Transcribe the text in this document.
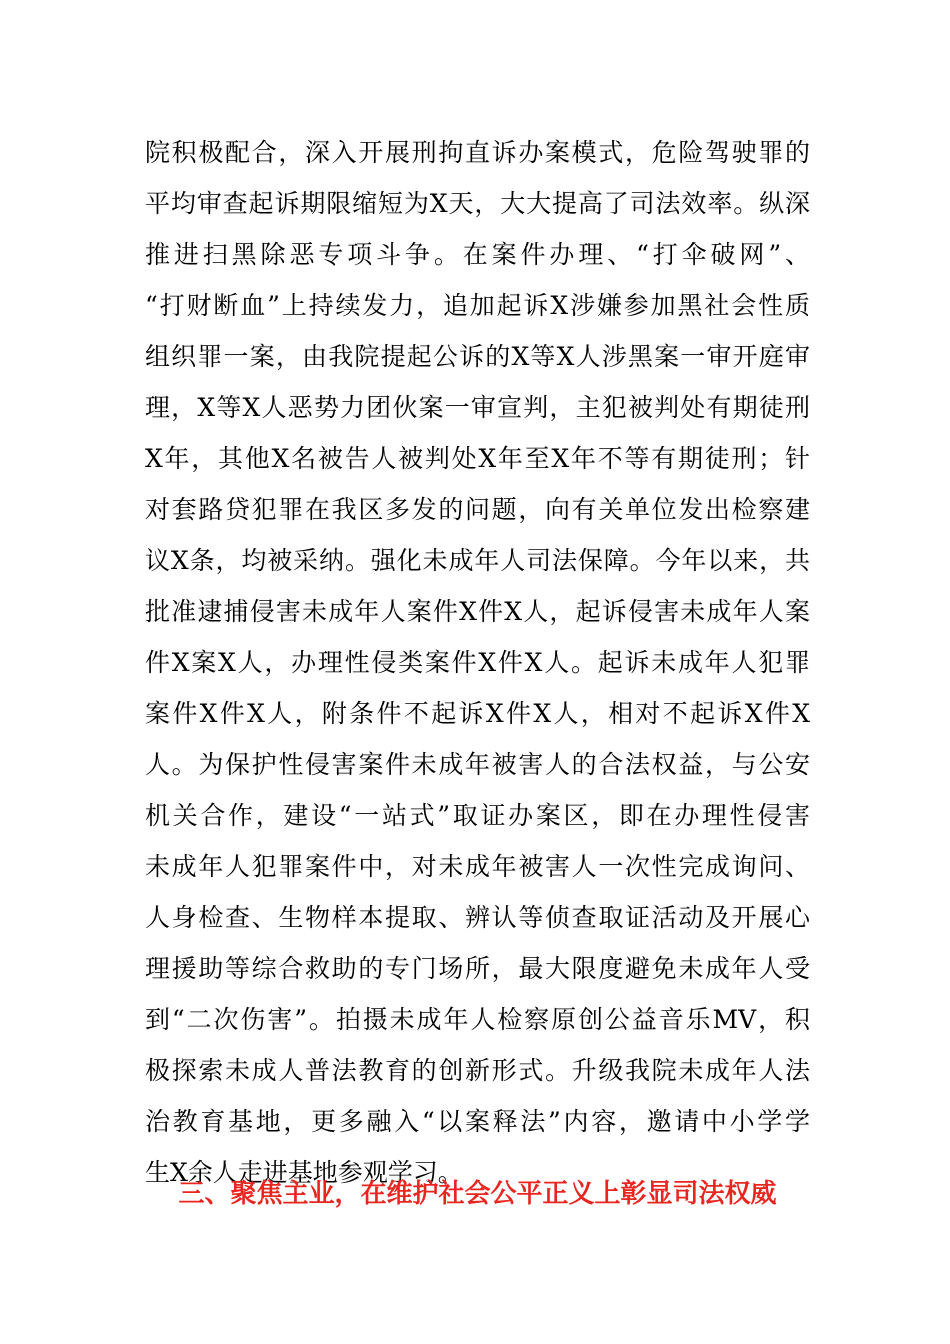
院积极配合，深入开展刑拘直诉办案模式，危险驾驶罪的
平均审查起诉期限缩短为X天，大大提高了司法效率。纵深
推进扫黑除恶专项斗争。在案件办理、“打伞破网”、
“打财断血”上持续发力，追加起诉X涉嫌参加黑社会性质
组织罪一案，由我院提起公诉的X等X人涉黑案一审开庭审
理，X等X人恶势力团伙案一审宣判，主犯被判处有期徒刑
X年，其他X名被告人被判处X年至X年不等有期徒刑；针
对套路贷犯罪在我区多发的问题，向有关单位发出检察建
议X条，均被采纳。强化未成年人司法保障。今年以来，共
批准逮捕侵害未成年人案件X件X人，起诉侵害未成年人案
件X案X人，办理性侵类案件X件X人。起诉未成年人犯罪
案件X件X人，附条件不起诉X件X人，相对不起诉X件X
人。为保护性侵害案件未成年被害人的合法权益，与公安
机关合作，建设“一站式”取证办案区，即在办理性侵害
未成年人犯罪案件中，对未成年被害人一次性完成询问、
人身检查、生物样本提取、辨认等侦查取证活动及开展心
理援助等综合救助的专门场所，最大限度避免未成年人受
到“二次伤害”。拍摄未成年人检察原创公益音乐MV，积
极探索未成人普法教育的创新形式。升级我院未成年人法
治教育基地，更多融入“以案释法”内容，邀请中小学学
生X余人走进基地参观学习。
三、聚焦主业，在维护社会公平正义上彰显司法权威
